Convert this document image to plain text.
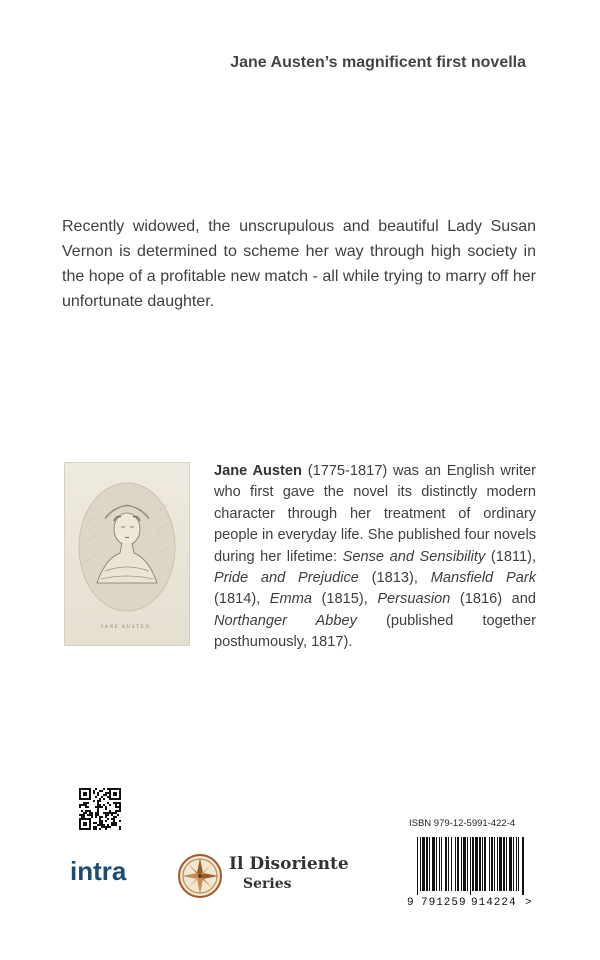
Jane Austen’s magnificent first novella
Recently widowed, the unscrupulous and beautiful Lady Susan Vernon is determined to scheme her way through high society in the hope of a profitable new match - all while trying to marry off her unfortunate daughter.
JANE AUSTEN.
Jane Austen (1775-1817) was an English writer who first gave the novel its distinctly modern character through her treatment of ordinary people in everyday life. She published four novels during her lifetime: Sense and Sensibility (1811), Pride and Prejudice (1813), Mansfield Park (1814), Emma (1815), Persuasion (1816) and Northanger Abbey (published together posthumously, 1817).
intra	Il Disoriente
Series
ISBN 979-12-5991-422-4
9 791259 914224 >
